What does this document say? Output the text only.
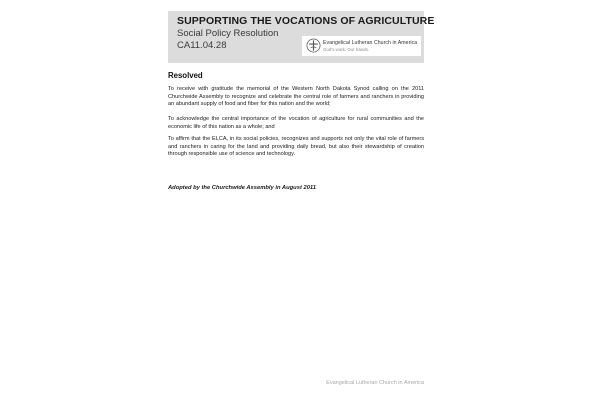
SUPPORTING THE VOCATIONS OF AGRICULTURE
Social Policy Resolution
CA11.04.28	Evangelical Lutheran Church in America
God's work. Our hands.
Resolved

To receive with gratitude the memorial of the Western North Dakota Synod calling on the 2011 Churchwide Assembly to recognize and celebrate the central role of farmers and ranchers in providing an abundant supply of food and fiber for this nation and the world;

To acknowledge the central importance of the vocation of agriculture for rural communities and the economic life of this nation as a whole; and

To affirm that the ELCA, in its social policies, recognizes and supports not only the vital role of farmers and ranchers in caring for the land and providing daily bread, but also their stewardship of creation through responsible use of science and technology.

Adopted by the Churchwide Assembly in August 2011
Evangelical Lutheran Church in America
